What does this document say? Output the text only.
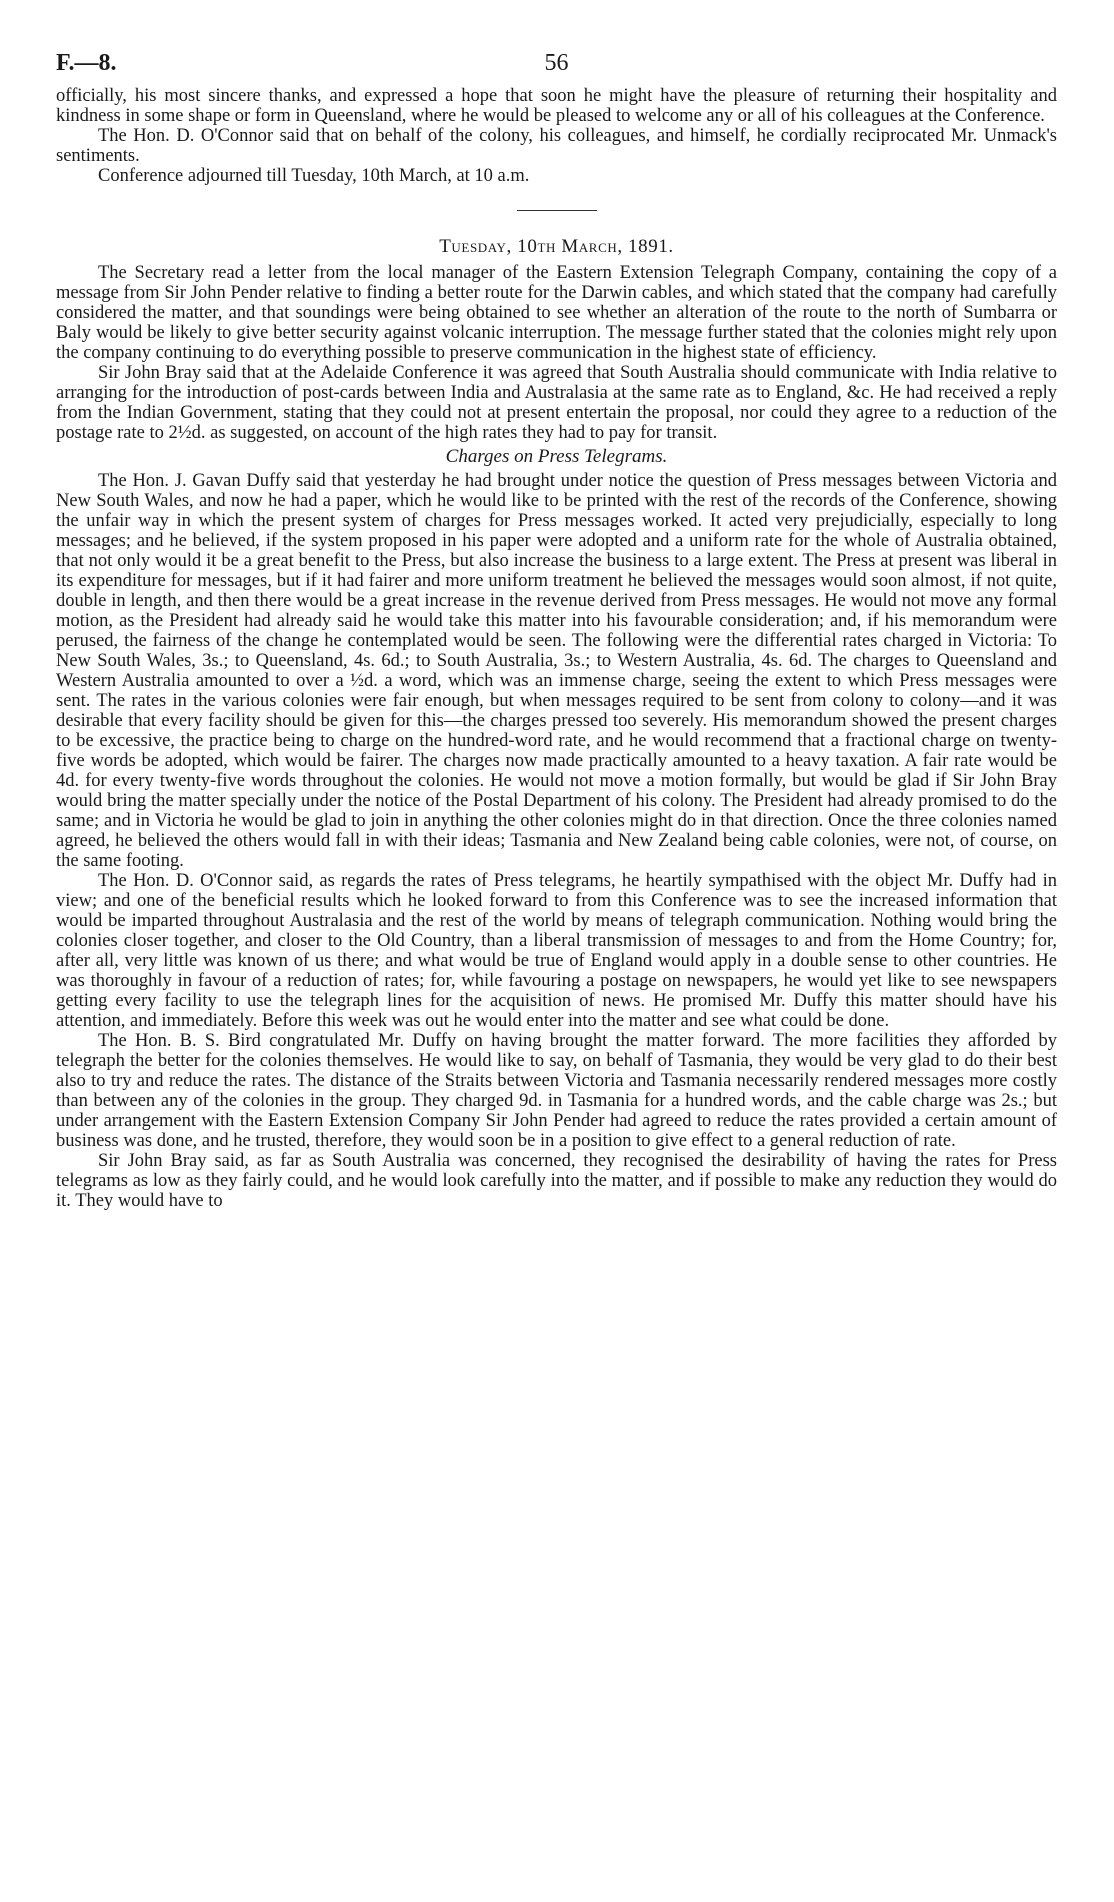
F.—8.	56

officially, his most sincere thanks, and expressed a hope that soon he might have the pleasure of returning their hospitality and kindness in some shape or form in Queensland, where he would be pleased to welcome any or all of his colleagues at the Conference.

The Hon. D. O'Connor said that on behalf of the colony, his colleagues, and himself, he cordially reciprocated Mr. Unmack's sentiments.

Conference adjourned till Tuesday, 10th March, at 10 a.m.

Tuesday, 10th March, 1891.

The Secretary read a letter from the local manager of the Eastern Extension Telegraph Company, containing the copy of a message from Sir John Pender relative to finding a better route for the Darwin cables, and which stated that the company had carefully considered the matter, and that soundings were being obtained to see whether an alteration of the route to the north of Sumbarra or Baly would be likely to give better security against volcanic interruption. The message further stated that the colonies might rely upon the company continuing to do everything possible to preserve communication in the highest state of efficiency.

Sir John Bray said that at the Adelaide Conference it was agreed that South Australia should communicate with India relative to arranging for the introduction of post-cards between India and Australasia at the same rate as to England, &c. He had received a reply from the Indian Government, stating that they could not at present entertain the proposal, nor could they agree to a reduction of the postage rate to 2½d. as suggested, on account of the high rates they had to pay for transit.

Charges on Press Telegrams.

The Hon. J. Gavan Duffy said that yesterday he had brought under notice the question of Press messages between Victoria and New South Wales, and now he had a paper, which he would like to be printed with the rest of the records of the Conference, showing the unfair way in which the present system of charges for Press messages worked. It acted very prejudicially, especially to long messages; and he believed, if the system proposed in his paper were adopted and a uniform rate for the whole of Australia obtained, that not only would it be a great benefit to the Press, but also increase the business to a large extent. The Press at present was liberal in its expenditure for messages, but if it had fairer and more uniform treatment he believed the messages would soon almost, if not quite, double in length, and then there would be a great increase in the revenue derived from Press messages. He would not move any formal motion, as the President had already said he would take this matter into his favourable consideration; and, if his memorandum were perused, the fairness of the change he contemplated would be seen. The following were the differential rates charged in Victoria: To New South Wales, 3s.; to Queensland, 4s. 6d.; to South Australia, 3s.; to Western Australia, 4s. 6d. The charges to Queensland and Western Australia amounted to over a ½d. a word, which was an immense charge, seeing the extent to which Press messages were sent. The rates in the various colonies were fair enough, but when messages required to be sent from colony to colony—and it was desirable that every facility should be given for this—the charges pressed too severely. His memorandum showed the present charges to be excessive, the practice being to charge on the hundred-word rate, and he would recommend that a fractional charge on twenty-five words be adopted, which would be fairer. The charges now made practically amounted to a heavy taxation. A fair rate would be 4d. for every twenty-five words throughout the colonies. He would not move a motion formally, but would be glad if Sir John Bray would bring the matter specially under the notice of the Postal Department of his colony. The President had already promised to do the same; and in Victoria he would be glad to join in anything the other colonies might do in that direction. Once the three colonies named agreed, he believed the others would fall in with their ideas; Tasmania and New Zealand being cable colonies, were not, of course, on the same footing.

The Hon. D. O'Connor said, as regards the rates of Press telegrams, he heartily sympathised with the object Mr. Duffy had in view; and one of the beneficial results which he looked forward to from this Conference was to see the increased information that would be imparted throughout Australasia and the rest of the world by means of telegraph communication. Nothing would bring the colonies closer together, and closer to the Old Country, than a liberal transmission of messages to and from the Home Country; for, after all, very little was known of us there; and what would be true of England would apply in a double sense to other countries. He was thoroughly in favour of a reduction of rates; for, while favouring a postage on newspapers, he would yet like to see newspapers getting every facility to use the telegraph lines for the acquisition of news. He promised Mr. Duffy this matter should have his attention, and immediately. Before this week was out he would enter into the matter and see what could be done.

The Hon. B. S. Bird congratulated Mr. Duffy on having brought the matter forward. The more facilities they afforded by telegraph the better for the colonies themselves. He would like to say, on behalf of Tasmania, they would be very glad to do their best also to try and reduce the rates. The distance of the Straits between Victoria and Tasmania necessarily rendered messages more costly than between any of the colonies in the group. They charged 9d. in Tasmania for a hundred words, and the cable charge was 2s.; but under arrangement with the Eastern Extension Company Sir John Pender had agreed to reduce the rates provided a certain amount of business was done, and he trusted, therefore, they would soon be in a position to give effect to a general reduction of rate.

Sir John Bray said, as far as South Australia was concerned, they recognised the desirability of having the rates for Press telegrams as low as they fairly could, and he would look carefully into the matter, and if possible to make any reduction they would do it. They would have to
